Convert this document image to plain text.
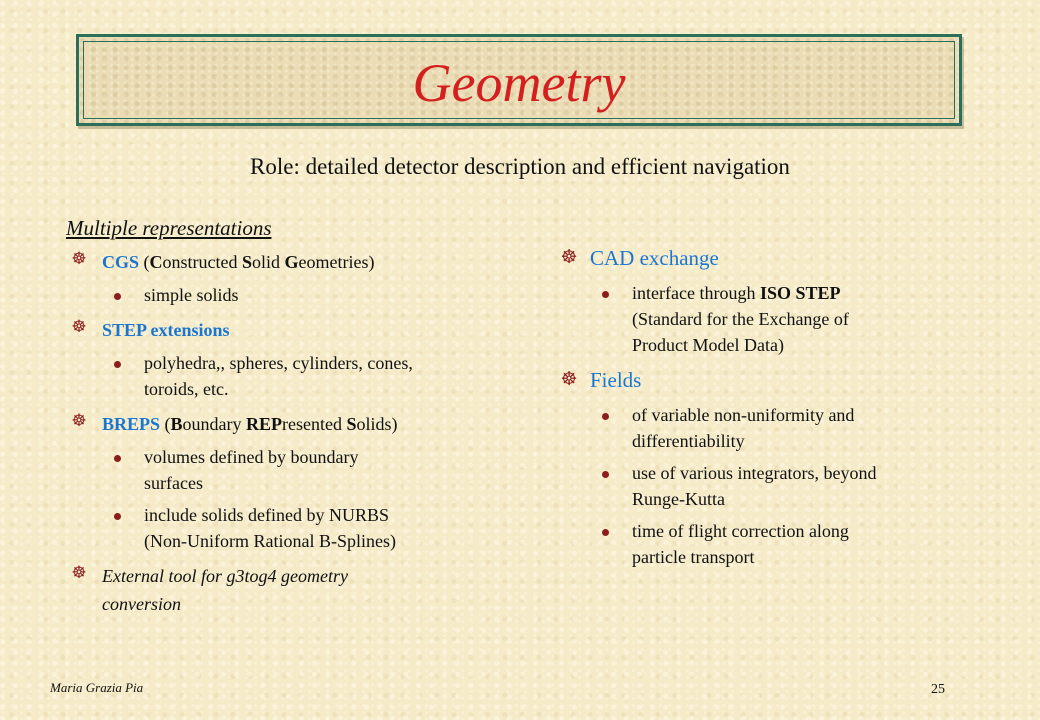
Geometry
Role: detailed detector description and efficient navigation
Multiple representations
☸ CGS (Constructed Solid Geometries)
simple solids
☸ STEP extensions
polyhedra,, spheres, cylinders, cones,
toroids, etc.
☸ BREPS (Boundary REPresented Solids)
volumes defined by boundary
surfaces
include solids defined by NURBS
(Non-Uniform Rational B-Splines)
☸ External tool for g3tog4 geometry
conversion
☸ CAD exchange
interface through ISO STEP
(Standard for the Exchange of
Product Model Data)
☸ Fields
of variable non-uniformity and
differentiability
use of various integrators, beyond
Runge-Kutta
time of flight correction along
particle transport
Maria Grazia Pia	25
